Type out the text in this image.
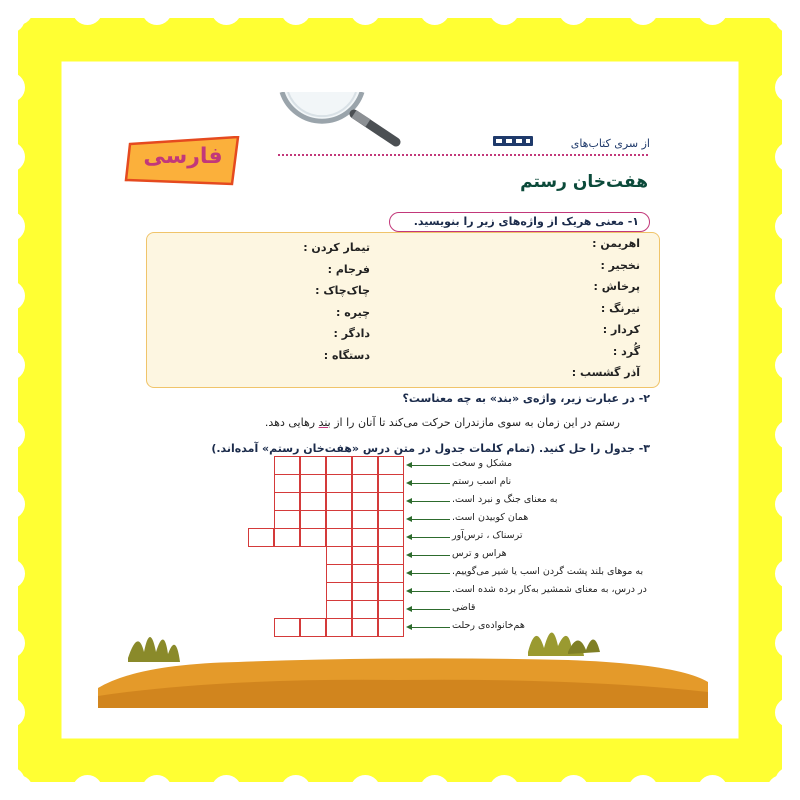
از سری کتاب‌های
فارسی
هفت‌خان رستم
۱- معنی هریک از واژه‌های زیر را بنویسید.
اهریمن :
نخجیر :
پرخاش :
نیرنگ :
کردار :
گُرد :
آذر گشسب :
تیمار کردن :
فرجام :
چاک‌چاک :
چیره :
دادگر :
دستگاه :
۲- در عبارت زیر، واژه‌ی «بند» به چه معناست؟
رستم در این زمان به سوی مازندران حرکت می‌کند تا آنان را از بند رهایی دهد.
۳- جدول را حل کنید. (تمام کلمات جدول در متن درس «هفت‌خان رستم» آمده‌اند.)
مشکل و سخت
نام اسب رستم
به معنای جنگ و نبرد است.
همان کوبیدن است.
ترسناک ، ترس‌آور
هراس و ترس
به موهای بلند پشت گردن اسب یا شیر می‌گوییم.
در درس، به معنای شمشیر به‌کار برده شده است.
قاضی
هم‌خانواده‌ی رحلت
